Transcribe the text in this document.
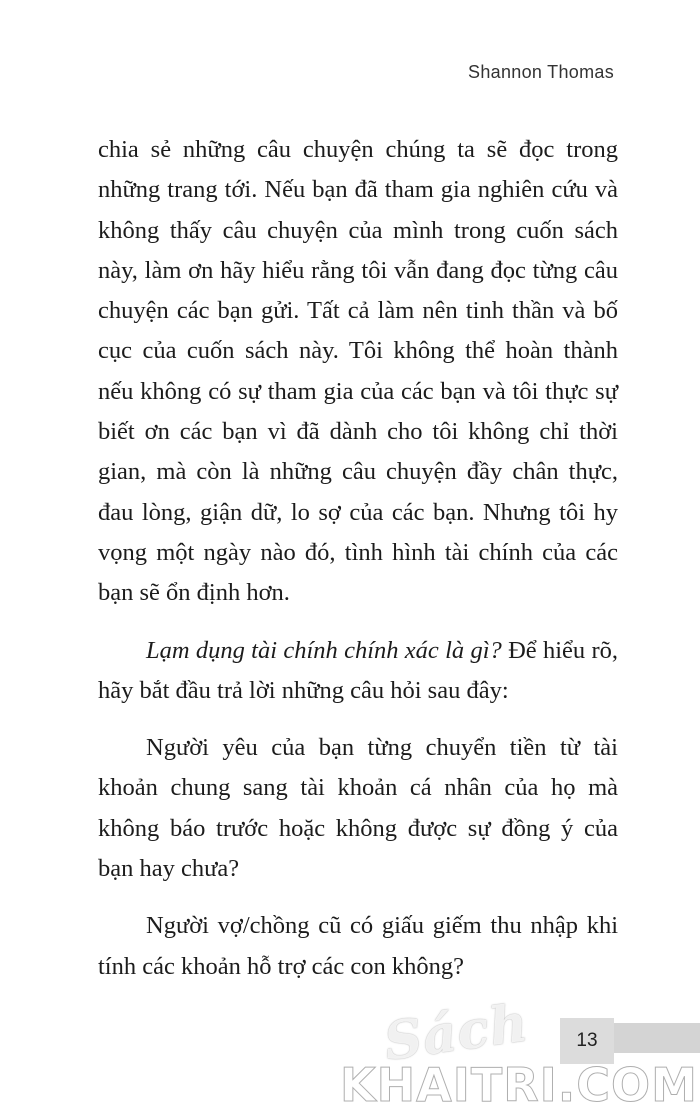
Shannon Thomas

chia sẻ những câu chuyện chúng ta sẽ đọc trong những trang tới. Nếu bạn đã tham gia nghiên cứu và không thấy câu chuyện của mình trong cuốn sách này, làm ơn hãy hiểu rằng tôi vẫn đang đọc từng câu chuyện các bạn gửi. Tất cả làm nên tinh thần và bố cục của cuốn sách này. Tôi không thể hoàn thành nếu không có sự tham gia của các bạn và tôi thực sự biết ơn các bạn vì đã dành cho tôi không chỉ thời gian, mà còn là những câu chuyện đầy chân thực, đau lòng, giận dữ, lo sợ của các bạn. Nhưng tôi hy vọng một ngày nào đó, tình hình tài chính của các bạn sẽ ổn định hơn.

Lạm dụng tài chính chính xác là gì? Để hiểu rõ, hãy bắt đầu trả lời những câu hỏi sau đây:

Người yêu của bạn từng chuyển tiền từ tài khoản chung sang tài khoản cá nhân của họ mà không báo trước hoặc không được sự đồng ý của bạn hay chưa?

Người vợ/chồng cũ có giấu giếm thu nhập khi tính các khoản hỗ trợ các con không?

13
Sách
KHAITRI.COM
